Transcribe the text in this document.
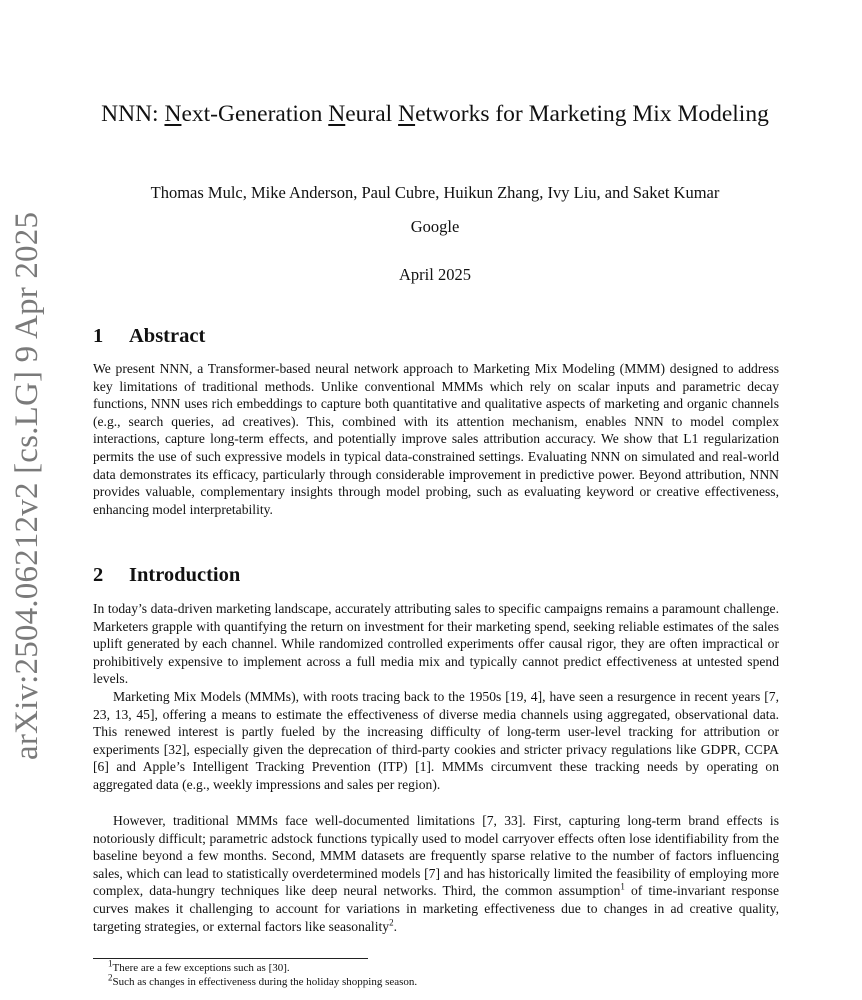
arXiv:2504.06212v2 [cs.LG] 9 Apr 2025
NNN: Next-Generation Neural Networks for Marketing Mix Modeling
Thomas Mulc, Mike Anderson, Paul Cubre, Huikun Zhang, Ivy Liu, and Saket Kumar
Google
April 2025
1 Abstract

We present NNN, a Transformer-based neural network approach to Marketing Mix Modeling (MMM) designed to address key limitations of traditional methods. Unlike conventional MMMs which rely on scalar inputs and parametric decay functions, NNN uses rich embeddings to capture both quantitative and qualitative aspects of marketing and organic channels (e.g., search queries, ad creatives). This, combined with its attention mechanism, enables NNN to model complex interactions, capture long-term effects, and potentially improve sales attribution accuracy. We show that L1 regularization permits the use of such expressive models in typical data-constrained settings. Evaluating NNN on simulated and real-world data demonstrates its efficacy, particularly through considerable improvement in predictive power. Beyond attribution, NNN provides valuable, complementary insights through model probing, such as evaluating keyword or creative effectiveness, enhancing model interpretability.

2 Introduction

In today’s data-driven marketing landscape, accurately attributing sales to specific campaigns remains a paramount challenge. Marketers grapple with quantifying the return on investment for their marketing spend, seeking reliable estimates of the sales uplift generated by each channel. While randomized controlled experiments offer causal rigor, they are often impractical or prohibitively expensive to implement across a full media mix and typically cannot predict effectiveness at untested spend levels.

Marketing Mix Models (MMMs), with roots tracing back to the 1950s [19, 4], have seen a resurgence in recent years [7, 23, 13, 45], offering a means to estimate the effectiveness of diverse media channels using aggregated, observational data. This renewed interest is partly fueled by the increasing difficulty of long-term user-level tracking for attribution or experiments [32], especially given the deprecation of third-party cookies and stricter privacy regulations like GDPR, CCPA [6] and Apple’s Intelligent Tracking Prevention (ITP) [1]. MMMs circumvent these tracking needs by operating on aggregated data (e.g., weekly impressions and sales per region).

However, traditional MMMs face well-documented limitations [7, 33]. First, capturing long-term brand effects is notoriously difficult; parametric adstock functions typically used to model carryover effects often lose identifiability from the baseline beyond a few months. Second, MMM datasets are frequently sparse relative to the number of factors influencing sales, which can lead to statistically overdetermined models [7] and has historically limited the feasibility of employing more complex, data-hungry techniques like deep neural networks. Third, the common assumption$^1$ of time-invariant response curves makes it challenging to account for variations in marketing effectiveness due to changes in ad creative quality, targeting strategies, or external factors like seasonality$^2$.

$^1$There are a few exceptions such as [30].
$^2$Such as changes in effectiveness during the holiday shopping season.
